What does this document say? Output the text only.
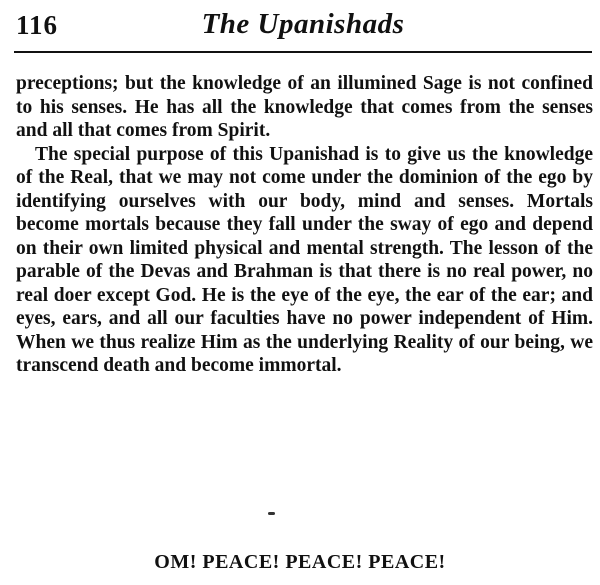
116	The Upanishads

preceptions; but the knowledge of an illumined Sage is not confined to his senses. He has all the knowledge that comes from the senses and all that comes from Spirit.

The special purpose of this Upanishad is to give us the knowledge of the Real, that we may not come under the dominion of the ego by identifying ourselves with our body, mind and senses. Mortals become mortals because they fall under the sway of ego and depend on their own limited physical and mental strength. The lesson of the parable of the Devas and Brahman is that there is no real power, no real doer except God. He is the eye of the eye, the ear of the ear; and eyes, ears, and all our faculties have no power independent of Him. When we thus realize Him as the underlying Reality of our being, we transcend death and become immortal.

OM! PEACE! PEACE! PEACE!
